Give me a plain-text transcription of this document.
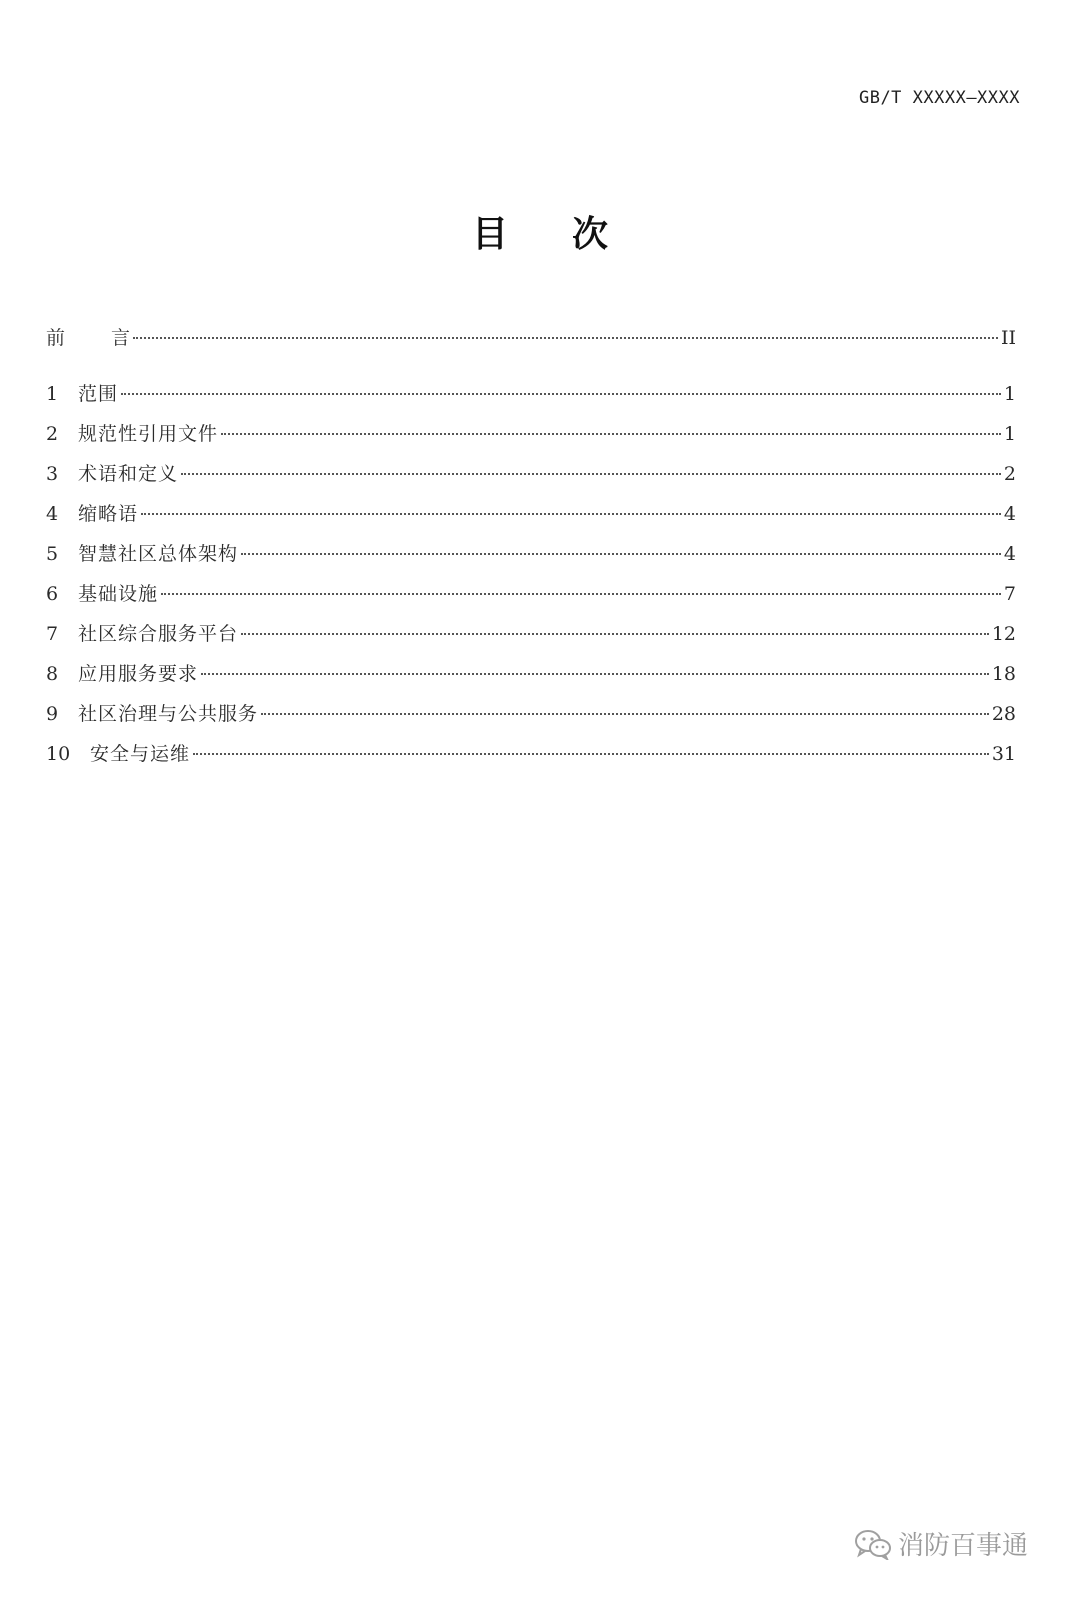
GB/T XXXXX—XXXX
目 次
前 言	II
1	范围	1
2	规范性引用文件	1
3	术语和定义	2
4	缩略语	4
5	智慧社区总体架构	4
6	基础设施	7
7	社区综合服务平台	12
8	应用服务要求	18
9	社区治理与公共服务	28
10	安全与运维	31
消防百事通
